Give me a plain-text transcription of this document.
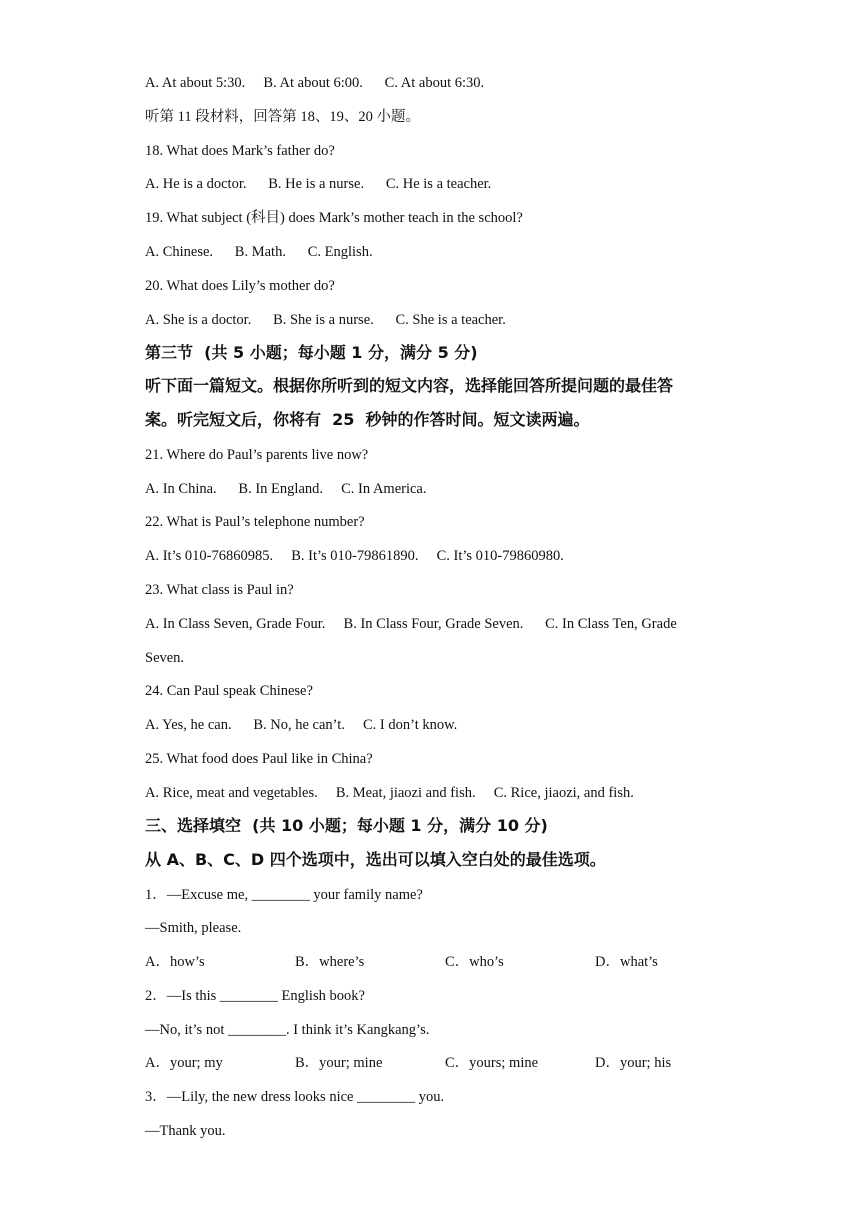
A. At about 5:30.     B. At about 6:00.      C. At about 6:30.
听第 11 段材料，回答第 18、19、20 小题。
18. What does Mark’s father do?
A. He is a doctor.      B. He is a nurse.      C. He is a teacher.
19. What subject (科目) does Mark’s mother teach in the school?
A. Chinese.      B. Math.      C. English.
20. What does Lily’s mother do?
A. She is a doctor.      B. She is a nurse.      C. She is a teacher.
第三节  (共 5 小题；每小题 1 分，满分 5 分)
听下面一篇短文。根据你所听到的短文内容，选择能回答所提问题的最佳答
案。听完短文后，你将有  25  秒钟的作答时间。短文读两遍。
21. Where do Paul’s parents live now?
A. In China.      B. In England.     C. In America.
22. What is Paul’s telephone number?
A. It’s 010-76860985.     B. It’s 010-79861890.     C. It’s 010-79860980.
23. What class is Paul in?
A. In Class Seven, Grade Four.     B. In Class Four, Grade Seven.      C. In Class Ten, Grade
Seven.
24. Can Paul speak Chinese?
A. Yes, he can.      B. No, he can’t.     C. I don’t know.
25. What food does Paul like in China?
A. Rice, meat and vegetables.     B. Meat, jiaozi and fish.     C. Rice, jiaozi, and fish.
三、选择填空  (共 10 小题；每小题 1 分，满分 10 分)
从 A、B、C、D 四个选项中，选出可以填入空白处的最佳选项。
1．—Excuse me, ________ your family name?
—Smith, please.
A．how’s	B．where’s	C．who’s	D．what’s
2．—Is this ________ English book?
—No, it’s not ________. I think it’s Kangkang’s.
A．your; my	B．your; mine	C．yours; mine	D．your; his
3．—Lily, the new dress looks nice ________ you.
—Thank you.
